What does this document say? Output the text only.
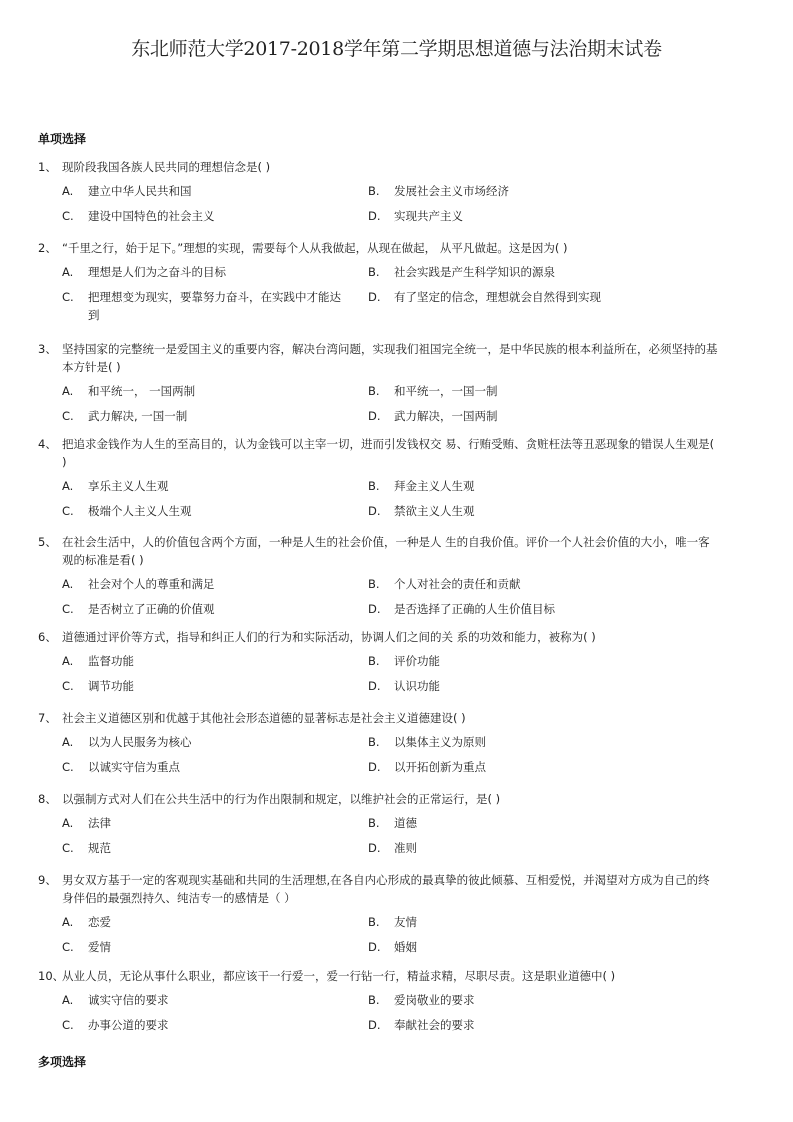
东北师范大学2017-2018学年第二学期思想道德与法治期末试卷
单项选择
1、 现阶段我国各族人民共同的理想信念是( )
A.	建立中华人民共和国	B.	发展社会主义市场经济
C.	建设中国特色的社会主义	D.	实现共产主义
2、 “千里之行，始于足下。”理想的实现，需要每个人从我做起，从现在做起， 从平凡做起。这是因为( )
A.	理想是人们为之奋斗的目标	B.	社会实践是产生科学知识的源泉
C.	把理想变为现实，要靠努力奋斗，在实践中才能达到
D.	有了坚定的信念，理想就会自然得到实现
3、 坚持国家的完整统一是爱国主义的重要内容，解决台湾问题，实现我们祖国完全统一，是中华民族的根本利益所在，必须坚持的基本方针是( )
A.	和平统一， 一国两制	B.	和平统一，一国一制
C.	武力解决, 一国一制	D.	武力解决，一国两制
4、 把追求金钱作为人生的至高目的，认为金钱可以主宰一切，进而引发钱权交 易、行贿受贿、贪赃枉法等丑恶现象的错误人生观是( )
A.	享乐主义人生观	B.	拜金主义人生观
C.	极端个人主义人生观	D.	禁欲主义人生观
5、 在社会生活中，人的价值包含两个方面，一种是人生的社会价值，一种是人 生的自我价值。评价一个人社会价值的大小，唯一客观的标准是看( )
A.	社会对个人的尊重和满足	B.	个人对社会的责任和贡献
C.	是否树立了正确的价值观	D.	是否选择了正确的人生价值目标
6、 道德通过评价等方式，指导和纠正人们的行为和实际活动，协调人们之间的关 系的功效和能力，被称为( )
A.	监督功能	B.	评价功能
C.	调节功能	D.	认识功能
7、 社会主义道德区别和优越于其他社会形态道德的显著标志是社会主义道德建设( )
A.	以为人民服务为核心	B.	以集体主义为原则
C.	以诚实守信为重点	D.	以开拓创新为重点
8、 以强制方式对人们在公共生活中的行为作出限制和规定，以维护社会的正常运行，是( )
A.	法律	B.	道德
C.	规范	D.	准则
9、 男女双方基于一定的客观现实基础和共同的生活理想,在各自内心形成的最真挚的彼此倾慕、互相爱悦，并渴望对方成为自己的终身伴侣的最强烈持久、纯洁专一的感情是（ ）
A.	恋爱	B.	友情
C.	爱情	D.	婚姻
10、
从业人员，无论从事什么职业，都应该干一行爱一，爱一行钻一行，精益求精，尽职尽责。这是职业道德中( )
A.	诚实守信的要求	B.	爱岗敬业的要求
C.	办事公道的要求	D.	奉献社会的要求
多项选择
